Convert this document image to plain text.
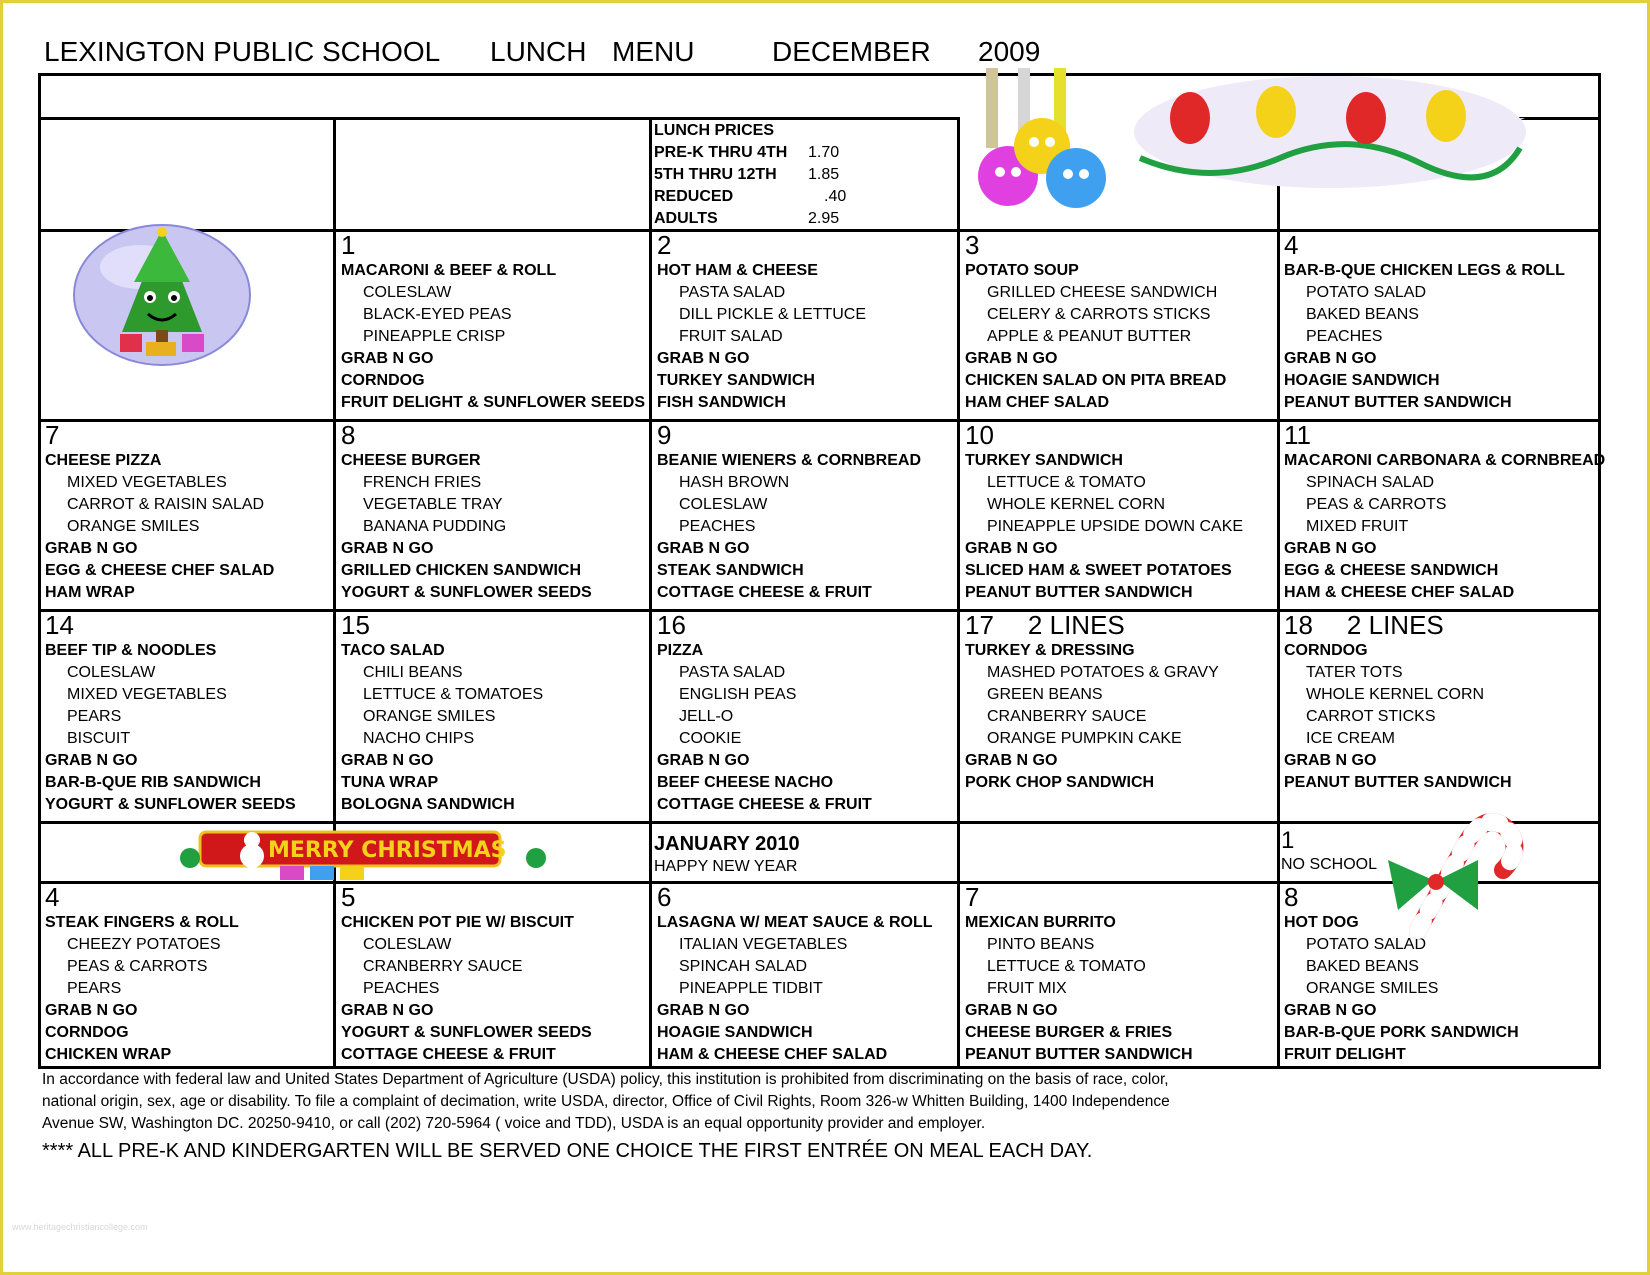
LEXINGTON PUBLIC SCHOOL LUNCH MENU	DECEMBER 2009
LUNCH PRICES
PRE-K THRU 4TH 1.70
5TH THRU 12TH 1.85
REDUCED	.40
ADULTS	2.95
1
MACARONI & BEEF & ROLL
COLESLAW
BLACK-EYED PEAS
PINEAPPLE CRISP
GRAB N GO
CORNDOG
FRUIT DELIGHT & SUNFLOWER SEEDS
2
HOT HAM & CHEESE
PASTA SALAD
DILL PICKLE & LETTUCE
FRUIT SALAD
GRAB N GO
TURKEY SANDWICH
FISH SANDWICH
3
POTATO SOUP
GRILLED CHEESE SANDWICH
CELERY & CARROTS STICKS
APPLE & PEANUT BUTTER
GRAB N GO
CHICKEN SALAD ON PITA BREAD
HAM CHEF SALAD
4
BAR-B-QUE CHICKEN LEGS & ROLL
POTATO SALAD
BAKED BEANS
PEACHES
GRAB N GO
HOAGIE SANDWICH
PEANUT BUTTER SANDWICH
7
CHEESE PIZZA
MIXED VEGETABLES
CARROT & RAISIN SALAD
ORANGE SMILES
GRAB N GO
EGG & CHEESE CHEF SALAD
HAM WRAP
8
CHEESE BURGER
FRENCH FRIES
VEGETABLE TRAY
BANANA PUDDING
GRAB N GO
GRILLED CHICKEN SANDWICH
YOGURT & SUNFLOWER SEEDS
9
BEANIE WIENERS & CORNBREAD
HASH BROWN
COLESLAW
PEACHES
GRAB N GO
STEAK SANDWICH
COTTAGE CHEESE & FRUIT
10
TURKEY SANDWICH
LETTUCE & TOMATO
WHOLE KERNEL CORN
PINEAPPLE UPSIDE DOWN CAKE
GRAB N GO
SLICED HAM & SWEET POTATOES
PEANUT BUTTER SANDWICH
11
MACARONI CARBONARA & CORNBREAD
SPINACH SALAD
PEAS & CARROTS
MIXED FRUIT
GRAB N GO
EGG & CHEESE SANDWICH
HAM & CHEESE CHEF SALAD
14
BEEF TIP & NOODLES
COLESLAW
MIXED VEGETABLES
PEARS
BISCUIT
GRAB N GO
BAR-B-QUE RIB SANDWICH
YOGURT & SUNFLOWER SEEDS
15
TACO SALAD
CHILI BEANS
LETTUCE & TOMATOES
ORANGE SMILES
NACHO CHIPS
GRAB N GO
TUNA WRAP
BOLOGNA SANDWICH
16
PIZZA
PASTA SALAD
ENGLISH PEAS
JELL-O
COOKIE
GRAB N GO
BEEF CHEESE NACHO
COTTAGE CHEESE & FRUIT
17 2 LINES
TURKEY & DRESSING
MASHED POTATOES & GRAVY
GREEN BEANS
CRANBERRY SAUCE
ORANGE PUMPKIN CAKE
GRAB N GO
PORK CHOP SANDWICH
18 2 LINES
CORNDOG
TATER TOTS
WHOLE KERNEL CORN
CARROT STICKS
ICE CREAM
GRAB N GO
PEANUT BUTTER SANDWICH
4
STEAK FINGERS & ROLL
CHEEZY POTATOES
PEAS & CARROTS
PEARS
GRAB N GO
CORNDOG
CHICKEN WRAP
5
CHICKEN POT PIE W/ BISCUIT
COLESLAW
CRANBERRY SAUCE
PEACHES
GRAB N GO
YOGURT & SUNFLOWER SEEDS
COTTAGE CHEESE & FRUIT
6
LASAGNA W/ MEAT SAUCE & ROLL
ITALIAN VEGETABLES
SPINCAH SALAD
PINEAPPLE TIDBIT
GRAB N GO
HOAGIE SANDWICH
HAM & CHEESE CHEF SALAD
7
MEXICAN BURRITO
PINTO BEANS
LETTUCE & TOMATO
FRUIT MIX
GRAB N GO
CHEESE BURGER & FRIES
PEANUT BUTTER SANDWICH
8
HOT DOG
POTATO SALAD
BAKED BEANS
ORANGE SMILES
GRAB N GO
BAR-B-QUE PORK SANDWICH
FRUIT DELIGHT
JANUARY 2010
HAPPY NEW YEAR
1
NO SCHOOL
MERRY CHRISTMAS
In accordance with federal law and United States Department of Agriculture (USDA) policy, this institution is prohibited from discriminating on the basis of race, color,
national origin, sex, age or disability. To file a complaint of decimation, write USDA, director, Office of Civil Rights, Room 326-w Whitten Building, 1400 Independence
Avenue SW, Washington DC. 20250-9410, or call (202) 720-5964 ( voice and TDD), USDA is an equal opportunity provider and employer.
**** ALL PRE-K AND KINDERGARTEN WILL BE SERVED ONE CHOICE THE FIRST ENTRÉE ON MEAL EACH DAY.
www.heritagechristiancollege.com
